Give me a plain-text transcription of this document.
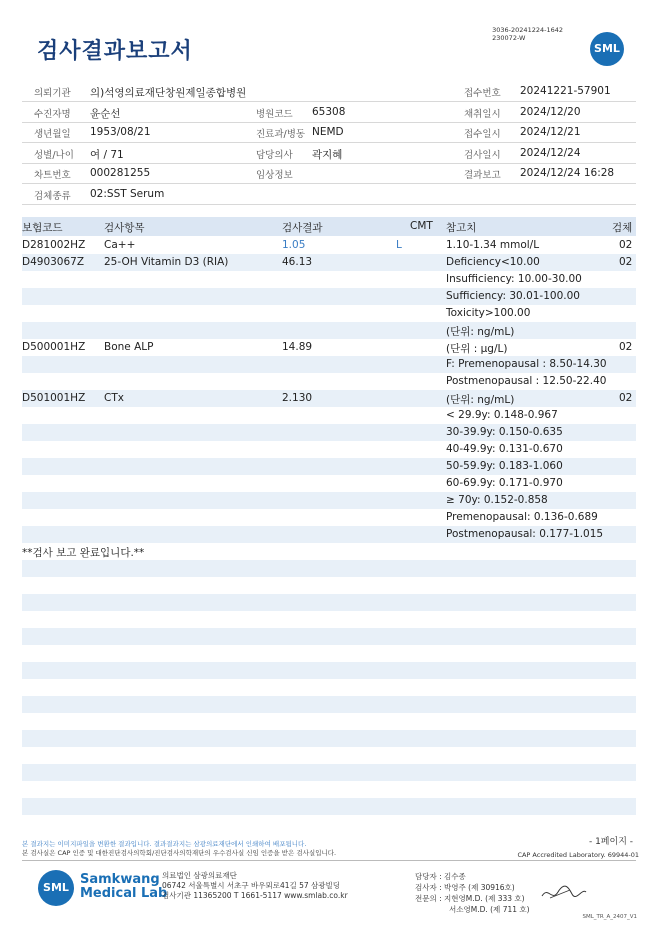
검사결과보고서
3036-20241224-1642
230072-W
SML
의뢰기관 의)석영의료재단창원제일종합병원	접수번호 20241221-57901
수진자명 윤순선	병원코드 65308	채취일시 2024/12/20
생년월일 1953/08/21	진료과/병동 NEMD	접수일시 2024/12/21
성별/나이 여 / 71	담당의사 곽지혜	검사일시 2024/12/24
차트번호 000281255	임상정보	결과보고 2024/12/24 16:28
검체종류 02:SST Serum
보험코드	검사항목	검사결과	CMT 참고치	검체
D281002HZ Ca++	1.05	L	1.10-1.34 mmol/L	02
D4903067Z 25-OH Vitamin D3 (RIA)	46.13	Deficiency<10.00	02
Insufficiency: 10.00-30.00
Sufficiency: 30.01-100.00
Toxicity>100.00
(단위: ng/mL)
D500001HZ Bone ALP	14.89	(단위 : μg/L)	02
F: Premenopausal : 8.50-14.30
Postmenopausal : 12.50-22.40
D501001HZ CTx	2.130	(단위: ng/mL)	02
< 29.9y: 0.148-0.967
30-39.9y: 0.150-0.635
40-49.9y: 0.131-0.670
50-59.9y: 0.183-1.060
60-69.9y: 0.171-0.970
≥ 70y: 0.152-0.858
Premenopausal: 0.136-0.689
Postmenopausal: 0.177-1.015
**검사 보고 완료입니다.**
- 1페이지 -
본 결과지는 이미지파일을 변환한 결과입니다. 결과결과지는 삼광의료재단에서 인쇄하여 배포됩니다.
본 검사실은 CAP 인증 및 대한진단검사의학회/진단검사의학재단의 우수검사실 신임 인증을 받은 검사실입니다.	CAP Accredited Laboratory. 69944-01
SML
Samkwang
Medical Lab
의료법인 삼광의료재단
06742 서울특별시 서초구 바우뫼로41길 57 삼광빌딩
검사기관 11365200 T 1661-5117 www.smlab.co.kr
담당자 : 김수종
검사자 : 박영주 (제 30916호)
전문의 : 지현영M.D. (제 333 호)
서소영M.D. (제 711 호)
SML_TR_A_2407_V1
